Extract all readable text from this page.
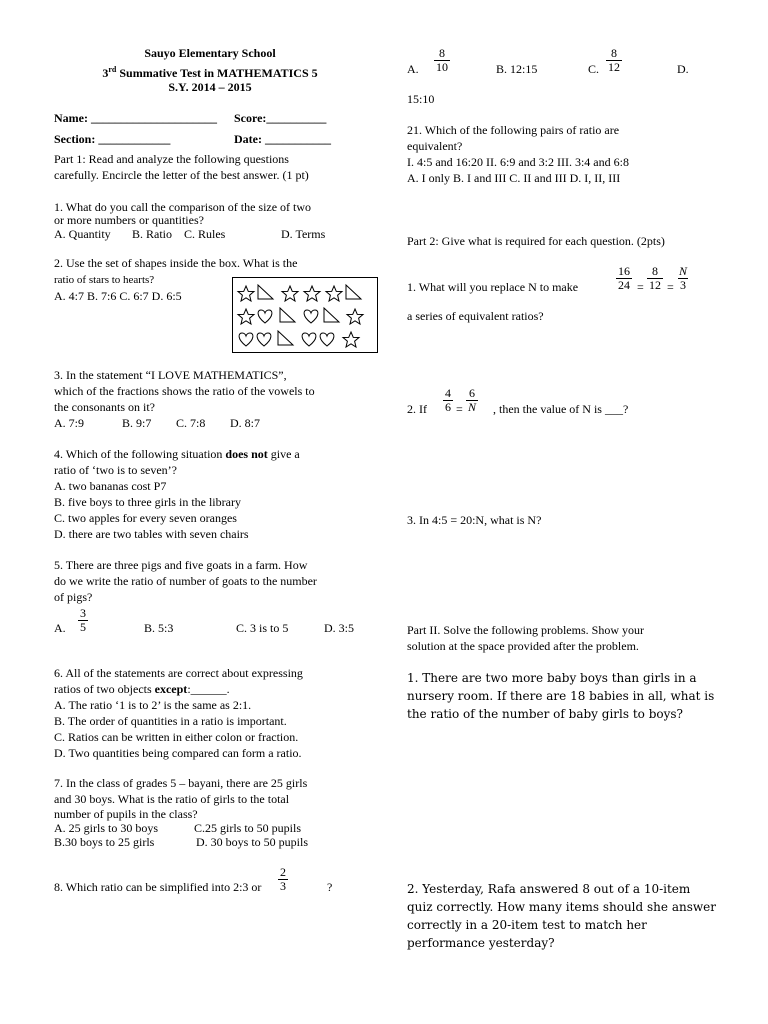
Sauyo Elementary School
3rd Summative Test in MATHEMATICS 5
S.Y. 2014 – 2015
Name: _____________________ Score:__________
Section: ____________	Date: ___________
Part 1: Read and analyze the following questions
carefully. Encircle the letter of the best answer. (1 pt)
1. What do you call the comparison of the size of two
or more numbers or quantities?
A. Quantity B. Ratio C. Rules	D. Terms
2. Use the set of shapes inside the box. What is the
ratio of stars to hearts?
A. 4:7 B. 7:6 C. 6:7 D. 6:5
3. In the statement “I LOVE MATHEMATICS”,
which of the fractions shows the ratio of the vowels to
the consonants on it?
A. 7:9	B. 9:7 C. 7:8 D. 8:7
4. Which of the following situation does not give a
ratio of ‘two is to seven’?
A. two bananas cost P7
B. five boys to three girls in the library
C. two apples for every seven oranges
D. there are two tables with seven chairs
5. There are three pigs and five goats in a farm. How
do we write the ratio of number of goats to the number
of pigs?
A. $\frac{3}{5}$	B. 5:3	C. 3 is to 5	D. 3:5
6. All of the statements are correct about expressing
ratios of two objects except:______.
A. The ratio ‘1 is to 2’ is the same as 2:1.
B. The order of quantities in a ratio is important.
C. Ratios can be written in either colon or fraction.
D. Two quantities being compared can form a ratio.
7. In the class of grades 5 – bayani, there are 25 girls
and 30 boys. What is the ratio of girls to the total
number of pupils in the class?
A. 25 girls to 30 boys	C.25 girls to 50 pupils
B.30 boys to 25 girls	D. 30 boys to 50 pupils
8. Which ratio can be simplified into 2:3 or $\frac{2}{3}$	?
A. $\frac{8}{10}$	B. 12:15	C. $\frac{8}{12}$	D.
15:10
21. Which of the following pairs of ratio are
equivalent?
I. 4:5 and 16:20 II. 6:9 and 3:2 III. 3:4 and 6:8
A. I only B. I and III C. II and III D. I, II, III
Part 2: Give what is required for each question. (2pts)
1. What will you replace N to make	$\frac{16}{24} = \frac{8}{12} = \frac{N}{3}$
a series of equivalent ratios?
2. If $\frac{4}{6} = \frac{6}{N}$ , then the value of N is ___?
3. In 4:5 = 20:N, what is N?
Part II. Solve the following problems. Show your
solution at the space provided after the problem.
1. There are two more baby boys than girls in a
nursery room. If there are 18 babies in all, what is
the ratio of the number of baby girls to boys?
2. Yesterday, Rafa answered 8 out of a 10-item
quiz correctly. How many items should she answer
correctly in a 20-item test to match her
performance yesterday?
